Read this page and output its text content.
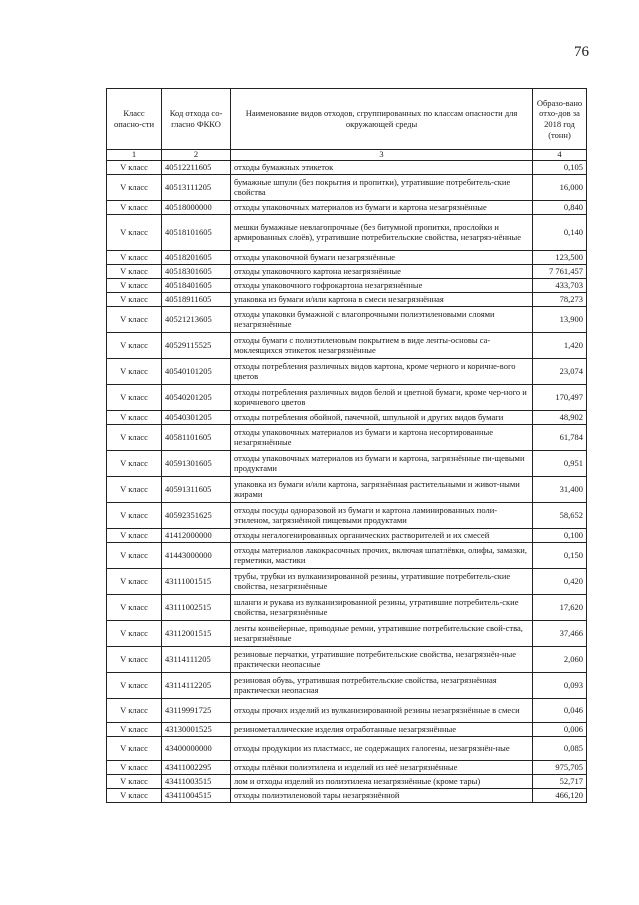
76
Класс опасно-сти	Код отхода со-гласно ФККО	Наименование видов отходов, сгруппированных по классам опасности для окружающей среды	Образо-вано отхо-дов за 2018 год (тонн)
1	2	3	4
V класс	40512211605	отходы бумажных этикеток	0,105
V класс	40513111205	бумажные шпули (без покрытия и пропитки), утратившие потребитель-ские свойства	16,000
V класс	40518000000	отходы упаковочных материалов из бумаги и картона незагрязнённые	0,840
V класс	40518101605	мешки бумажные невлагопрочные (без битумной пропитки, прослойки и армированных слоёв), утратившие потребительские свойства, незагряз-нённые	0,140
V класс	40518201605	отходы упаковочной бумаги незагрязнённые	123,500
V класс	40518301605	отходы упаковочного картона незагрязнённые	7 761,457
V класс	40518401605	отходы упаковочного гофрокартона незагрязнённые	433,703
V класс	40518911605	упаковка из бумаги и/или картона в смеси незагрязнённая	78,273
V класс	40521213605	отходы упаковки бумажной с влагопрочными полиэтиленовыми слоями незагрязнённые	13,900
V класс	40529115525	отходы бумаги с полиэтиленовым покрытием в виде ленты-основы са-моклеящихся этикеток незагрязнённые	1,420
V класс	40540101205	отходы потребления различных видов картона, кроме черного и коричне-вого цветов	23,074
V класс	40540201205	отходы потребления различных видов белой и цветной бумаги, кроме чер-ного и коричневого цветов	170,497
V класс	40540301205	отходы потребления обойной, пачечной, шпульной и других видов бумаги	48,902
V класс	40581101605	отходы упаковочных материалов из бумаги и картона несортированные незагрязнённые	61,784
V класс	40591301605	отходы упаковочных материалов из бумаги и картона, загрязнённые пи-щевыми продуктами	0,951
V класс	40591311605	упаковка из бумаги и/или картона, загрязнённая растительными и живот-ными жирами	31,400
V класс	40592351625	отходы посуды одноразовой из бумаги и картона ламинированных поли-этиленом, загрязнённой пищевыми продуктами	58,652
V класс	41412000000	отходы негалогенированных органических растворителей и их смесей	0,100
V класс	41443000000	отходы материалов лакокрасочных прочих, включая шпатлёвки, олифы, замазки, герметики, мастики	0,150
V класс	43111001515	трубы, трубки из вулканизированной резины, утратившие потребитель-ские свойства, незагрязнённые	0,420
V класс	43111002515	шланги и рукава из вулканизированной резины, утратившие потребитель-ские свойства, незагрязнённые	17,620
V класс	43112001515	ленты конвейерные, приводные ремни, утратившие потребительские свой-ства, незагрязнённые	37,466
V класс	43114111205	резиновые перчатки, утратившие потребительские свойства, незагрязнён-ные практически неопасные	2,060
V класс	43114112205	резиновая обувь, утратившая потребительские свойства, незагрязнённая практически неопасная	0,093
V класс	43119991725	отходы прочих изделий из вулканизированной резины незагрязнённые в смеси	0,046
V класс	43130001525	резинометаллические изделия отработанные незагрязнённые	0,006
V класс	43400000000	отходы продукции из пластмасс, не содержащих галогены, незагрязнён-ные	0,085
V класс	43411002295	отходы плёнки полиэтилена и изделий из неё незагрязнённые	975,705
V класс	43411003515	лом и отходы изделий из полиэтилена незагрязнённые (кроме тары)	52,717
V класс	43411004515	отходы полиэтиленовой тары незагрязнённой	466,120
